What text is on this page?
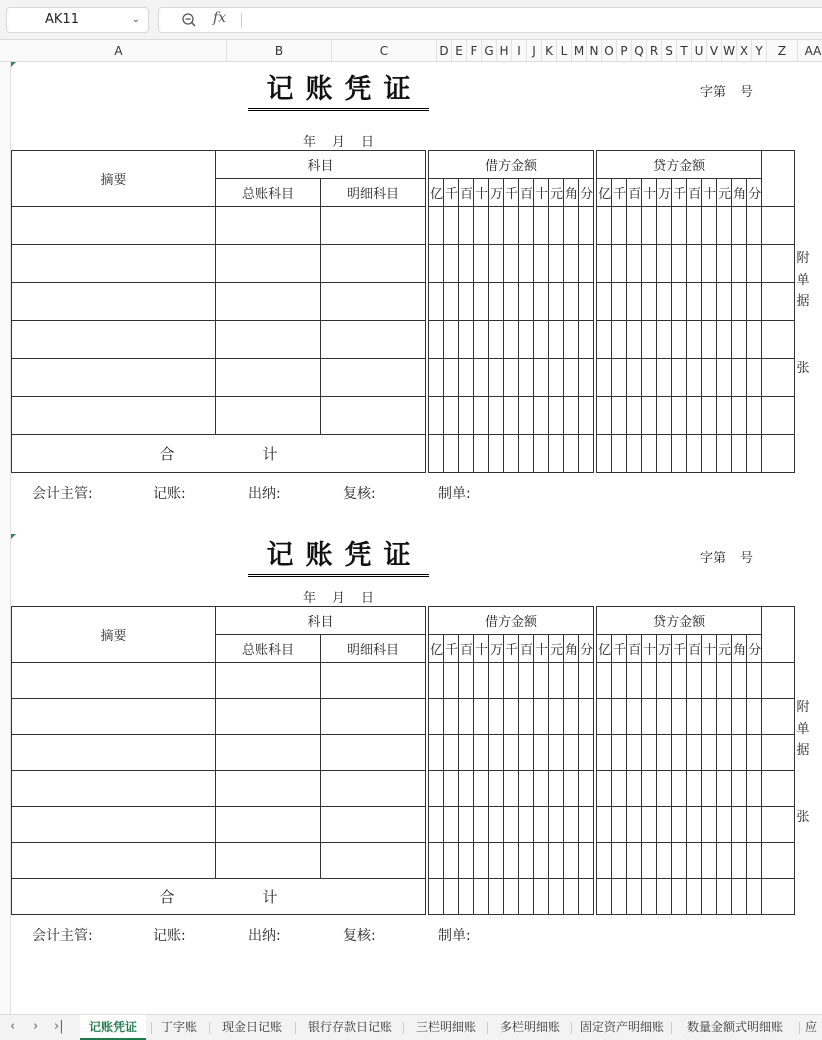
AK11	⌄	fx
A	B	C	D E F G H I J K L M N O P Q R S T U V W X Y	Z	AA
记账凭证	字第 号
年 月 日
摘要	科目			借方金额												贷方金额											
	总账科目	明细科目		亿	千	百	十	万	千	百	十	元	角	分		亿	千	百	十	万	千	百	十	元	角	分	

合 计																											
附
单
据
张
会计主管:	记账:	出纳:	复核:	制单:
记账凭证	字第 号
年 月 日
摘要	科目			借方金额												贷方金额											
	总账科目	明细科目		亿	千	百	十	万	千	百	十	元	角	分		亿	千	百	十	万	千	百	十	元	角	分	

合 计																											
附
单
据
张
会计主管:	记账:	出纳:	复核:	制单:
‹ › ›|	记账凭证	丁字账	现金日记账	银行存款日记账	三栏明细账	多栏明细账	固定资产明细账	数量金额式明细账	应
